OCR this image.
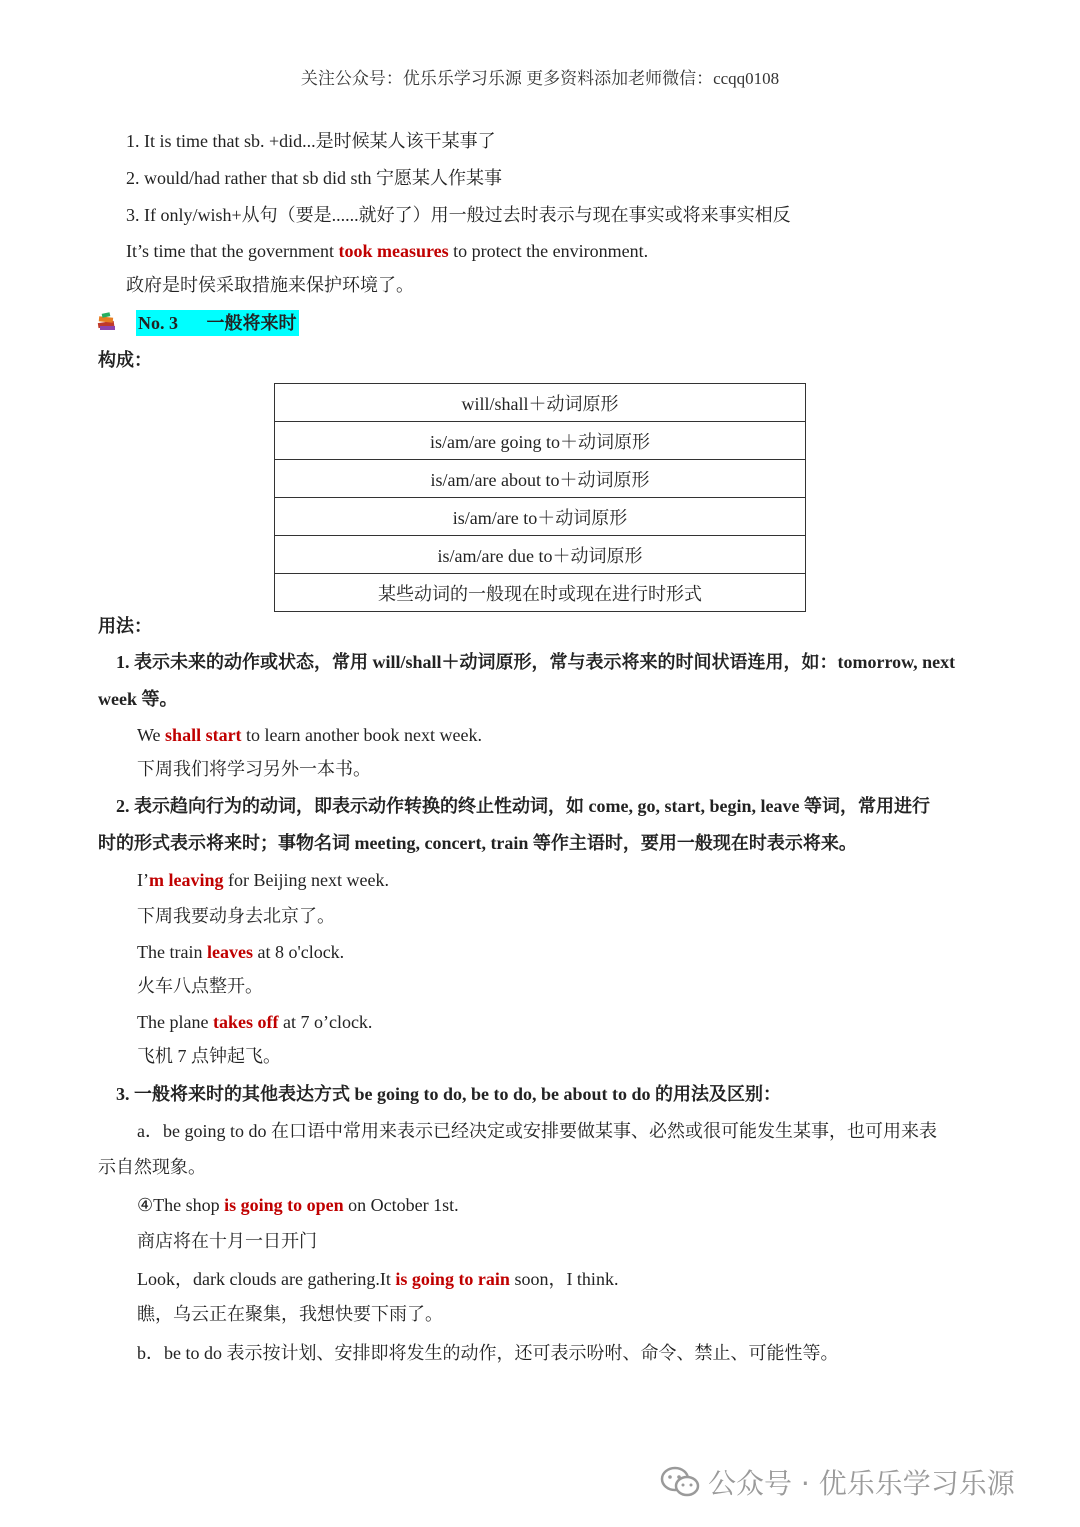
关注公众号：优乐乐学习乐源 更多资料添加老师微信：ccqq0108
1. It is time that sb. +did...是时候某人该干某事了
2. would/had rather that sb did sth 宁愿某人作某事
3. If only/wish+从句（要是......就好了）用一般过去时表示与现在事实或将来事实相反
It’s time that the government took measures to protect the environment.
政府是时侯采取措施来保护环境了。
No. 3 一般将来时
构成：
will/shall＋动词原形
is/am/are going to＋动词原形
is/am/are about to＋动词原形
is/am/are to＋动词原形
is/am/are due to＋动词原形
某些动词的一般现在时或现在进行时形式
用法：
1. 表示未来的动作或状态，常用 will/shall＋动词原形，常与表示将来的时间状语连用，如：tomorrow, next
week 等。
We shall start to learn another book next week.
下周我们将学习另外一本书。
2. 表示趋向行为的动词，即表示动作转换的终止性动词，如 come, go, start, begin, leave 等词，常用进行
时的形式表示将来时；事物名词 meeting, concert, train 等作主语时，要用一般现在时表示将来。
I’m leaving for Beijing next week.
下周我要动身去北京了。
The train leaves at 8 o'clock.
火车八点整开。
The plane takes off at 7 o’clock.
飞机 7 点钟起飞。
3. 一般将来时的其他表达方式 be going to do, be to do, be about to do 的用法及区别：
a．be going to do 在口语中常用来表示已经决定或安排要做某事、必然或很可能发生某事，也可用来表
示自然现象。
④The shop is going to open on October 1st.
商店将在十月一日开门
Look，dark clouds are gathering.It is going to rain soon，I think.
瞧，乌云正在聚集，我想快要下雨了。
b．be to do 表示按计划、安排即将发生的动作，还可表示吩咐、命令、禁止、可能性等。
公众号 · 优乐乐学习乐源
